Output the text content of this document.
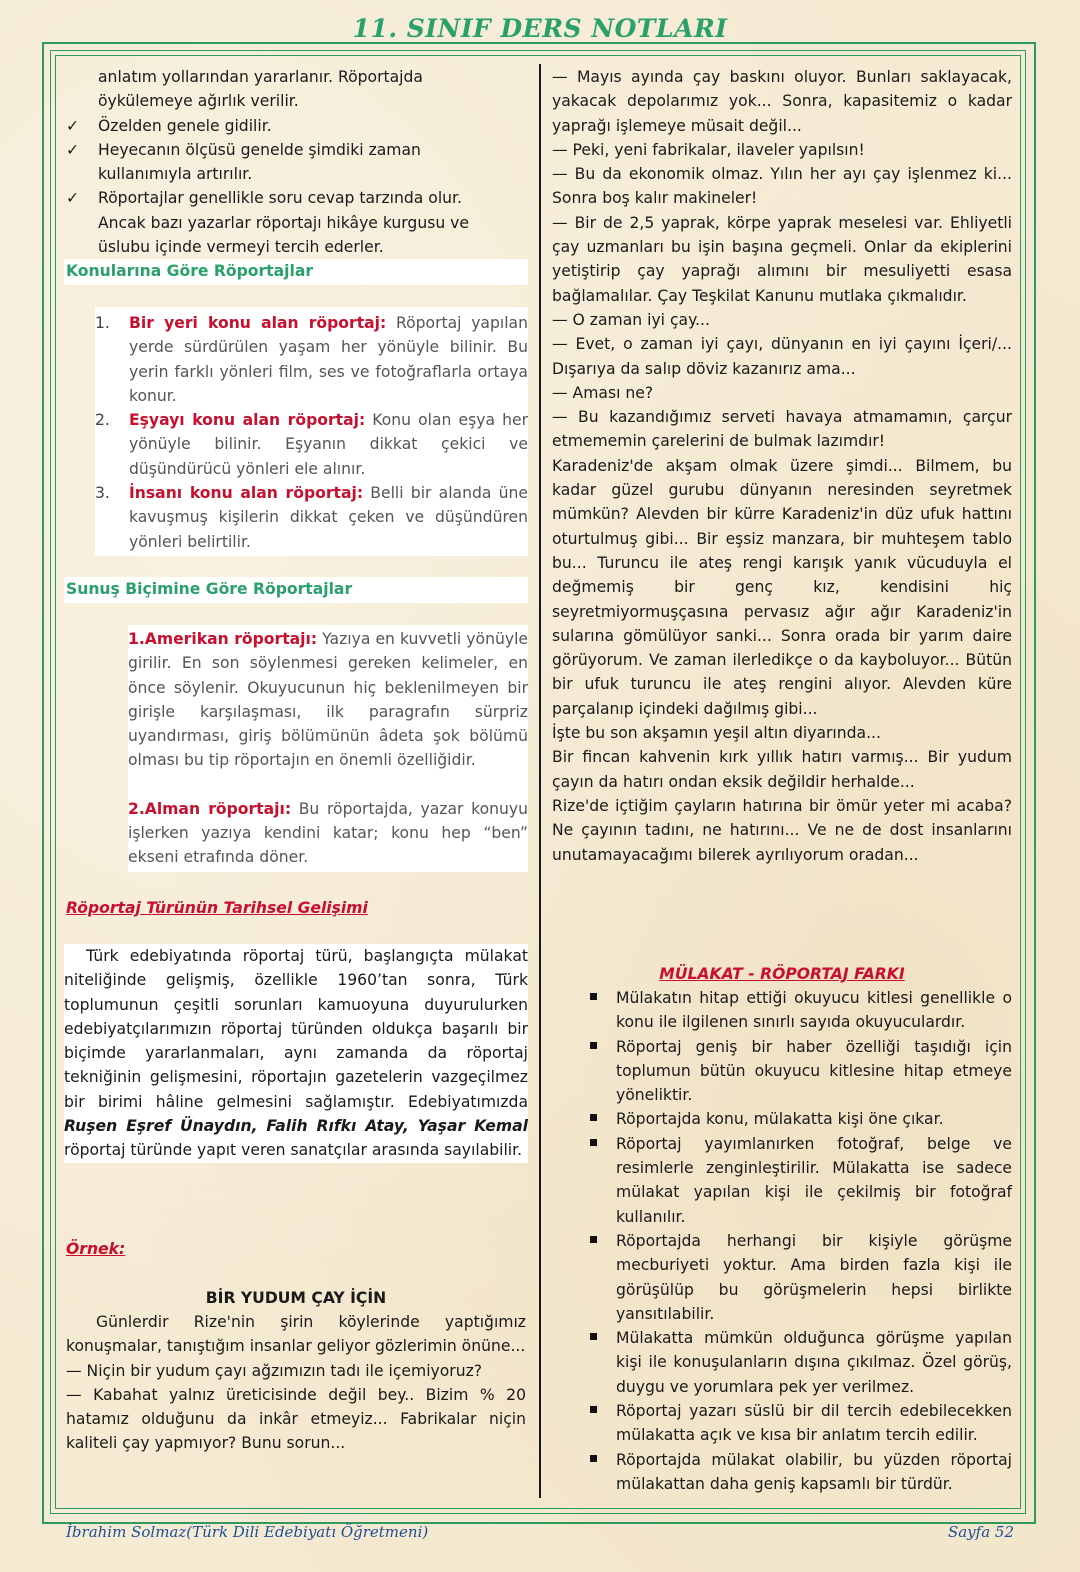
11. SINIF DERS NOTLARI
anlatım yollarından yararlanır. Röportajda
öykülemeye ağırlık verilir.
✓	Özelden genele gidilir.
✓	Heyecanın ölçüsü genelde şimdiki zaman
kullanımıyla artırılır.
✓	Röportajlar genellikle soru cevap tarzında olur.
Ancak bazı yazarlar röportajı hikâye kurgusu ve
üslubu içinde vermeyi tercih ederler.
Konularına Göre Röportajlar
1.	Bir yeri konu alan röportaj: Röportaj yapılan yerde sürdürülen yaşam her yönüyle bilinir. Bu yerin farklı yönleri film, ses ve fotoğraflarla ortaya konur.
2.	Eşyayı konu alan röportaj: Konu olan eşya her yönüyle bilinir. Eşyanın dikkat çekici ve düşündürücü yönleri ele alınır.
3.	İnsanı konu alan röportaj: Belli bir alanda üne kavuşmuş kişilerin dikkat çeken ve düşündüren yönleri belirtilir.
Sunuş Biçimine Göre Röportajlar
1.Amerikan röportajı: Yazıya en kuvvetli yönüyle girilir. En son söylenmesi gereken kelimeler, en önce söylenir. Okuyucunun hiç beklenilmeyen bir girişle karşılaşması, ilk paragrafın sürpriz uyandırması, giriş bölümünün âdeta şok bölümü olması bu tip röportajın en önemli özelliğidir.
2.Alman röportajı: Bu röportajda, yazar konuyu işlerken yazıya kendini katar; konu hep “ben” ekseni etrafında döner.
Röportaj Türünün Tarihsel Gelişimi
Türk edebiyatında röportaj türü, başlangıçta mülakat niteliğinde gelişmiş, özellikle 1960’tan sonra, Türk toplumunun çeşitli sorunları kamuoyuna duyurulurken edebiyatçılarımızın röportaj türünden oldukça başarılı bir biçimde yararlanmaları, aynı zamanda da röportaj tekniğinin gelişmesini, röportajın gazetelerin vazgeçilmez bir birimi hâline gelmesini sağlamıştır. Edebiyatımızda Ruşen Eşref Ünaydın, Falih Rıfkı Atay, Yaşar Kemal röportaj türünde yapıt veren sanatçılar arasında sayılabilir.
Örnek:
BİR YUDUM ÇAY İÇİN
Günlerdir Rize'nin şirin köylerinde yaptığımız konuşmalar, tanıştığım insanlar geliyor gözlerimin önüne...
— Niçin bir yudum çayı ağzımızın tadı ile içemiyoruz?
— Kabahat yalnız üreticisinde değil bey.. Bizim % 20 hatamız olduğunu da inkâr etmeyiz... Fabrikalar niçin kaliteli çay yapmıyor? Bunu sorun...
— Mayıs ayında çay baskını oluyor. Bunları saklayacak, yakacak depolarımız yok... Sonra, kapasitemiz o kadar yaprağı işlemeye müsait değil...
— Peki, yeni fabrikalar, ilaveler yapılsın!
— Bu da ekonomik olmaz. Yılın her ayı çay işlenmez ki... Sonra boş kalır makineler!
— Bir de 2,5 yaprak, körpe yaprak meselesi var. Ehliyetli çay uzmanları bu işin başına geçmeli. Onlar da ekiplerini yetiştirip çay yaprağı alımını bir mesuliyetti esasa bağlamalılar. Çay Teşkilat Kanunu mutlaka çıkmalıdır.
— O zaman iyi çay...
— Evet, o zaman iyi çayı, dünyanın en iyi çayını İçeri/... Dışarıya da salıp döviz kazanırız ama...
— Aması ne?
— Bu kazandığımız serveti havaya atmamamın, çarçur etmememin çarelerini de bulmak lazımdır!
Karadeniz'de akşam olmak üzere şimdi... Bilmem, bu kadar güzel gurubu dünyanın neresinden seyretmek mümkün? Alevden bir kürre Karadeniz'in düz ufuk hattını oturtulmuş gibi... Bir eşsiz manzara, bir muhteşem tablo bu... Turuncu ile ateş rengi karışık yanık vücuduyla el değmemiş bir genç kız, kendisini hiç seyretmiyormuşçasına pervasız ağır ağır Karadeniz'in sularına gömülüyor sanki... Sonra orada bir yarım daire görüyorum. Ve zaman ilerledikçe o da kayboluyor... Bütün bir ufuk turuncu ile ateş rengini alıyor. Alevden küre parçalanıp içindeki dağılmış gibi...
İşte bu son akşamın yeşil altın diyarında...
Bir fincan kahvenin kırk yıllık hatırı varmış... Bir yudum çayın da hatırı ondan eksik değildir herhalde...
Rize'de içtiğim çayların hatırına bir ömür yeter mi acaba? Ne çayının tadını, ne hatırını... Ve ne de dost insanlarını unutamayacağımı bilerek ayrılıyorum oradan...
MÜLAKAT - RÖPORTAJ FARKI
Mülakatın hitap ettiği okuyucu kitlesi genellikle o konu ile ilgilenen sınırlı sayıda okuyuculardır.
Röportaj geniş bir haber özelliği taşıdığı için toplumun bütün okuyucu kitlesine hitap etmeye yöneliktir.
Röportajda konu, mülakatta kişi öne çıkar.
Röportaj yayımlanırken fotoğraf, belge ve resimlerle zenginleştirilir. Mülakatta ise sadece mülakat yapılan kişi ile çekilmiş bir fotoğraf kullanılır.
Röportajda herhangi bir kişiyle görüşme mecburiyeti yoktur. Ama birden fazla kişi ile görüşülüp bu görüşmelerin hepsi birlikte yansıtılabilir.
Mülakatta mümkün olduğunca görüşme yapılan kişi ile konuşulanların dışına çıkılmaz. Özel görüş, duygu ve yorumlara pek yer verilmez.
Röportaj yazarı süslü bir dil tercih edebilecekken mülakatta açık ve kısa bir anlatım tercih edilir.
Röportajda mülakat olabilir, bu yüzden röportaj mülakattan daha geniş kapsamlı bir türdür.
İbrahim Solmaz(Türk Dili Edebiyatı Öğretmeni)	Sayfa 52
